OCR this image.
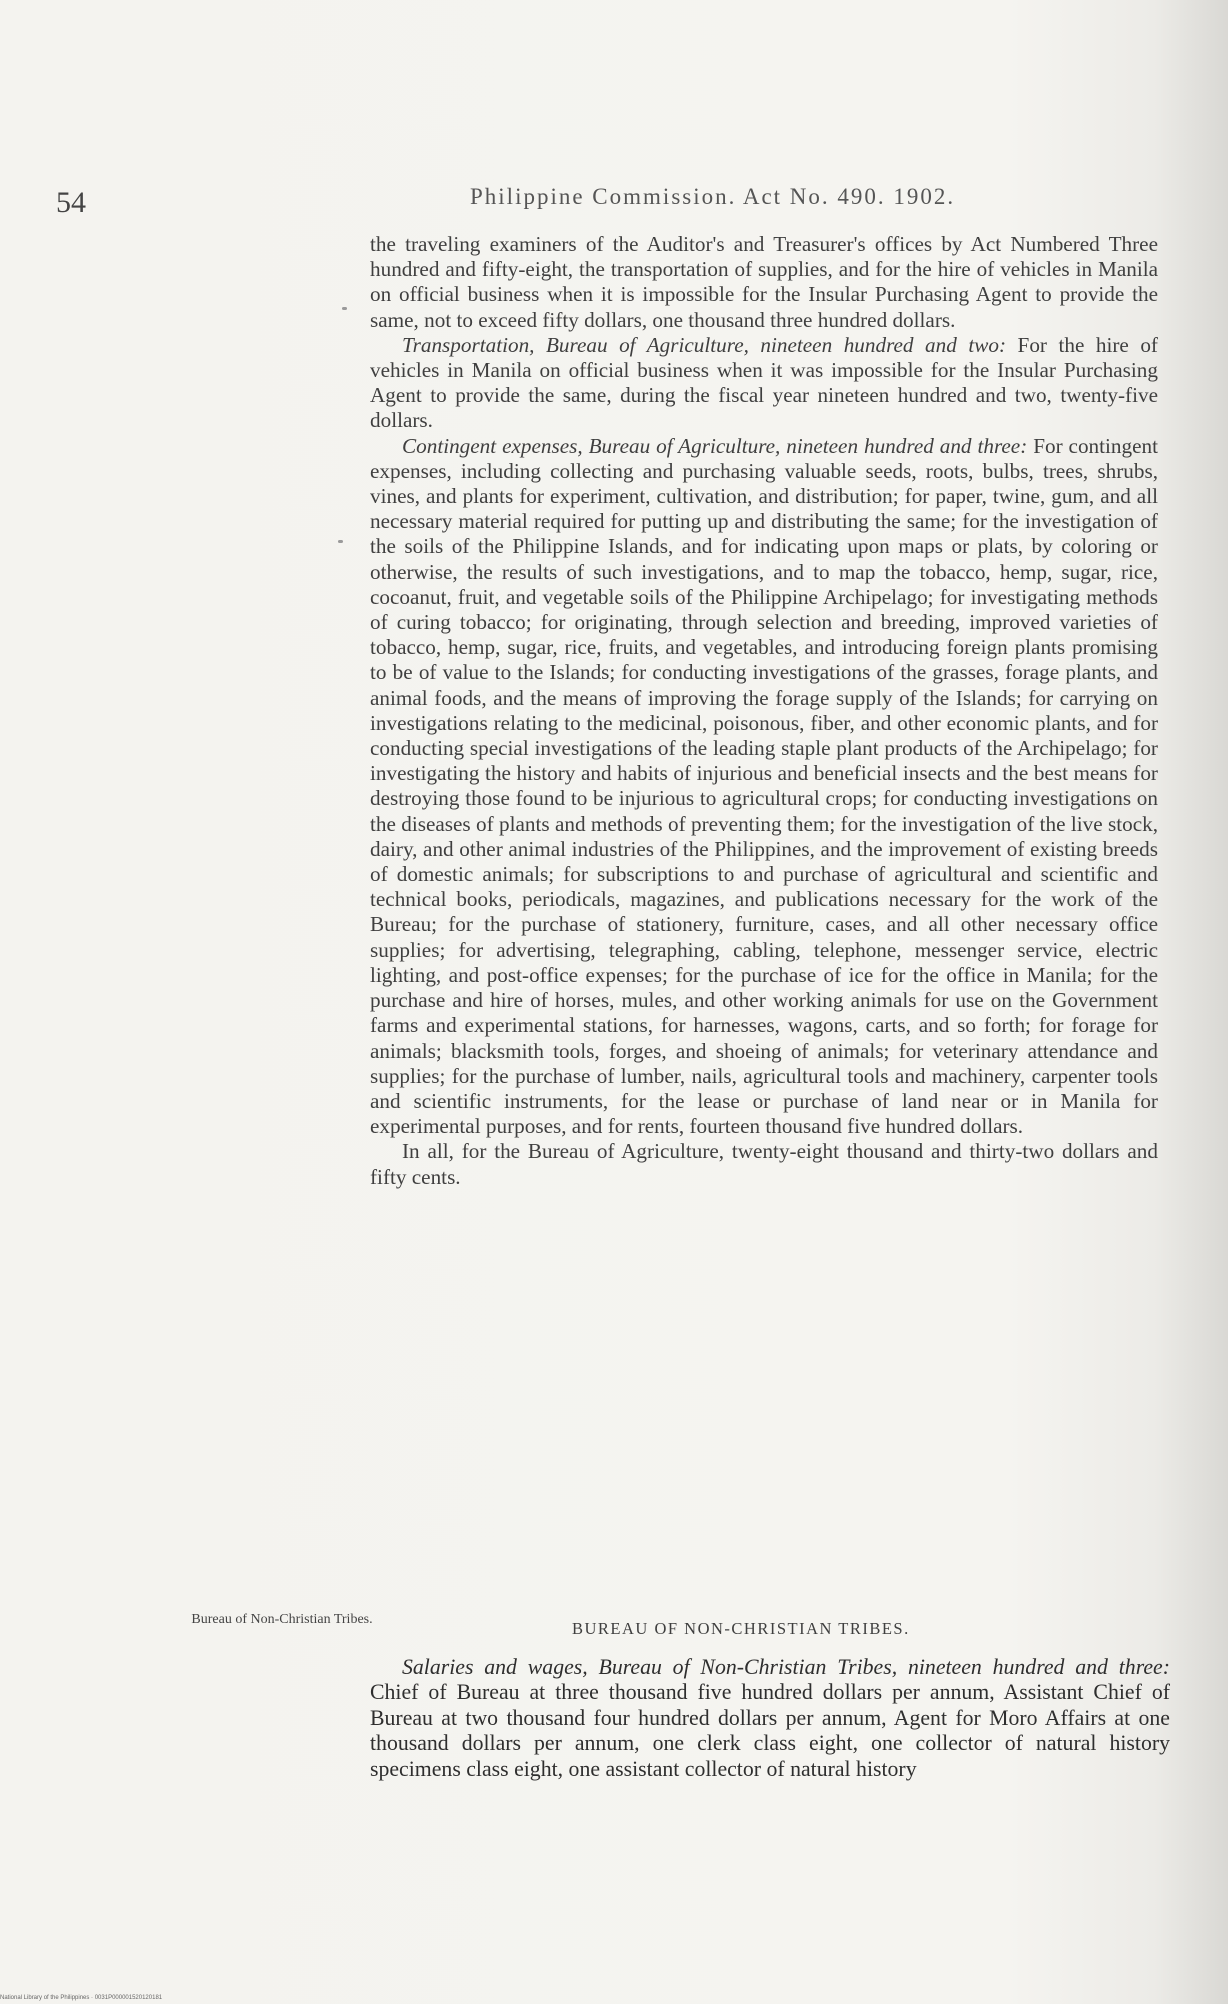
54	Philippine Commission. Act No. 490. 1902.

the traveling examiners of the Auditor's and Treasurer's offices by Act Numbered Three hundred and fifty-eight, the transportation of supplies, and for the hire of vehicles in Manila on official business when it is impossible for the Insular Purchasing Agent to provide the same, not to exceed fifty dollars, one thousand three hundred dollars.

Transportation, Bureau of Agriculture, nineteen hundred and two: For the hire of vehicles in Manila on official business when it was impossible for the Insular Purchasing Agent to provide the same, during the fiscal year nineteen hundred and two, twenty-five dollars.

Contingent expenses, Bureau of Agriculture, nineteen hundred and three: For contingent expenses, including collecting and purchasing valuable seeds, roots, bulbs, trees, shrubs, vines, and plants for experiment, cultivation, and distribution; for paper, twine, gum, and all necessary material required for putting up and distributing the same; for the investigation of the soils of the Philippine Islands, and for indicating upon maps or plats, by coloring or otherwise, the results of such investigations, and to map the tobacco, hemp, sugar, rice, cocoanut, fruit, and vegetable soils of the Philippine Archipelago; for investigating methods of curing tobacco; for originating, through selection and breeding, improved varieties of tobacco, hemp, sugar, rice, fruits, and vegetables, and introducing foreign plants promising to be of value to the Islands; for conducting investigations of the grasses, forage plants, and animal foods, and the means of improving the forage supply of the Islands; for carrying on investigations relating to the medicinal, poisonous, fiber, and other economic plants, and for conducting special investigations of the leading staple plant products of the Archipelago; for investigating the history and habits of injurious and beneficial insects and the best means for destroying those found to be injurious to agricultural crops; for conducting investigations on the diseases of plants and methods of preventing them; for the investigation of the live stock, dairy, and other animal industries of the Philippines, and the improvement of existing breeds of domestic animals; for subscriptions to and purchase of agricultural and scientific and technical books, periodicals, magazines, and publications necessary for the work of the Bureau; for the purchase of stationery, furniture, cases, and all other necessary office supplies; for advertising, telegraphing, cabling, telephone, messenger service, electric lighting, and post-office expenses; for the purchase of ice for the office in Manila; for the purchase and hire of horses, mules, and other working animals for use on the Government farms and experimental stations, for harnesses, wagons, carts, and so forth; for forage for animals; blacksmith tools, forges, and shoeing of animals; for veterinary attendance and supplies; for the purchase of lumber, nails, agricultural tools and machinery, carpenter tools and scientific instruments, for the lease or purchase of land near or in Manila for experimental purposes, and for rents, fourteen thousand five hundred dollars.

In all, for the Bureau of Agriculture, twenty-eight thousand and thirty-two dollars and fifty cents.

Bureau of Non-Christian Tribes.	BUREAU OF NON-CHRISTIAN TRIBES.

Salaries and wages, Bureau of Non-Christian Tribes, nineteen hundred and three: Chief of Bureau at three thousand five hundred dollars per annum, Assistant Chief of Bureau at two thousand four hundred dollars per annum, Agent for Moro Affairs at one thousand dollars per annum, one clerk class eight, one collector of natural history specimens class eight, one assistant collector of natural history

National Library of the Philippines · 0031P000001520120181
